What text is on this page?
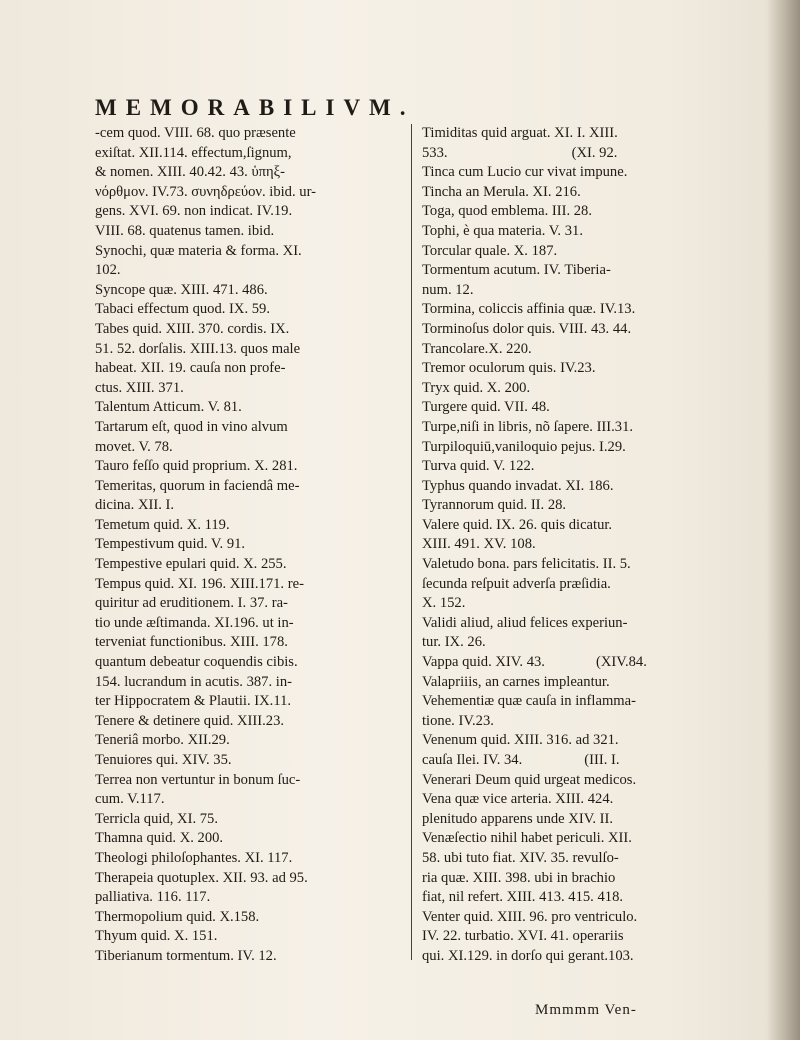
MEMORABILIVM.

-cem quod. VIII. 68. quo præsente

exiſtat. XII.114. effectum,ſignum,

& nomen. XIII. 40.42. 43. ὑπηξ-

νόρθμον. IV.73. συνηδρεύον. ibid. ur-

gens. XVI. 69. non indicat. IV.19.

VIII. 68. quatenus tamen. ibid.

Synochi, quæ materia & forma. XI.

102.

Syncope quæ. XIII. 471. 486.

Tabaci effectum quod. IX. 59.

Tabes quid. XIII. 370. cordis. IX.

51. 52. dorſalis. XIII.13. quos male

habeat. XII. 19. cauſa non profe-

ctus. XIII. 371.

Talentum Atticum. V. 81.

Tartarum eſt, quod in vino alvum

movet. V. 78.

Tauro feſſo quid proprium. X. 281.

Temeritas, quorum in faciendâ me-

dicina. XII. I.

Temetum quid. X. 119.

Tempestivum quid. V. 91.

Tempestive epulari quid. X. 255.

Tempus quid. XI. 196. XIII.171. re-

quiritur ad eruditionem. I. 37. ra-

tio unde æſtimanda. XI.196. ut in-

terveniat functionibus. XIII. 178.

quantum debeatur coquendis cibis.

154. lucrandum in acutis. 387. in-

ter Hippocratem & Plautii. IX.11.

Tenere & detinere quid. XIII.23.

Teneriâ morbo. XII.29.

Tenuiores qui. XIV. 35.

Terrea non vertuntur in bonum ſuc-

cum. V.117.

Terricla quid, XI. 75.

Thamna quid. X. 200.

Theologi philoſophantes. XI. 117.

Therapeia quotuplex. XII. 93. ad 95.

palliativa. 116. 117.

Thermopolium quid. X.158.

Thyum quid. X. 151.

Tiberianum tormentum. IV. 12.

Timiditas quid arguat. XI. I. XIII.

533.                                  (XI. 92.

Tinca cum Lucio cur vivat impune.

Tincha an Merula. XI. 216.

Toga, quod emblema. III. 28.

Tophi, è qua materia. V. 31.

Torcular quale. X. 187.

Tormentum acutum. IV. Tiberia-

num. 12.

Tormina, coliccis affinia quæ. IV.13.

Torminoſus dolor quis. VIII. 43. 44.

Trancolare.X. 220.

Tremor oculorum quis. IV.23.

Tryx quid. X. 200.

Turgere quid. VII. 48.

Turpe,niſi in libris, nõ ſapere. III.31.

Turpiloquiū,vaniloquio pejus. I.29.

Turva quid. V. 122.

Typhus quando invadat. XI. 186.

Tyrannorum quid. II. 28.

Valere quid. IX. 26. quis dicatur.

XIII. 491. XV. 108.

Valetudo bona. pars felicitatis. II. 5.

ſecunda reſpuit adverſa præſidia.

X. 152.

Validi aliud, aliud felices experiun-

tur. IX. 26.

Vappa quid. XIV. 43.              (XIV.84.

Valapriiis, an carnes impleantur.

Vehementiæ quæ cauſa in inflamma-

tione. IV.23.

Venenum quid. XIII. 316. ad 321.

cauſa Ilei. IV. 34.                 (III. I.

Venerari Deum quid urgeat medicos.

Vena quæ vice arteria. XIII. 424.

plenitudo apparens unde XIV. II.

Venæſectio nihil habet periculi. XII.

58. ubi tuto fiat. XIV. 35. revulſo-

ria quæ. XIII. 398. ubi in brachio

fiat, nil refert. XIII. 413. 415. 418.

Venter quid. XIII. 96. pro ventriculo.

IV. 22. turbatio. XVI. 41. operariis

qui. XI.129. in dorſo qui gerant.103.

Mmmmm Ven-
